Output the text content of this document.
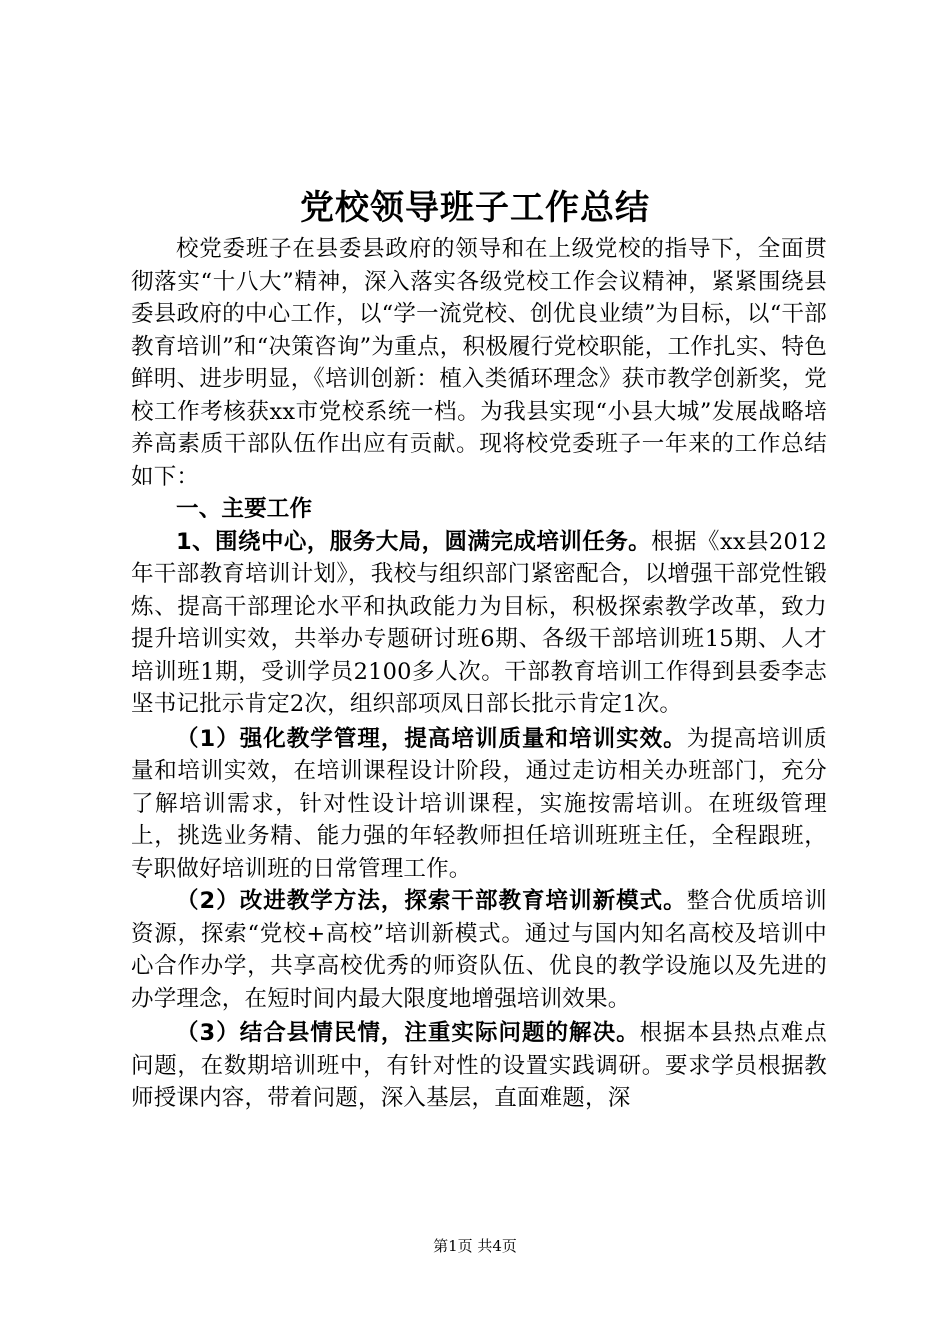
党校领导班子工作总结

校党委班子在县委县政府的领导和在上级党校的指导下，全面贯彻落实“十八大”精神，深入落实各级党校工作会议精神，紧紧围绕县委县政府的中心工作，以“学一流党校、创优良业绩”为目标，以“干部教育培训”和“决策咨询”为重点，积极履行党校职能，工作扎实、特色鲜明、进步明显，《培训创新：植入类循环理念》获市教学创新奖，党校工作考核获xx市党校系统一档。为我县实现“小县大城”发展战略培养高素质干部队伍作出应有贡献。现将校党委班子一年来的工作总结如下：

一、主要工作

1、围绕中心，服务大局，圆满完成培训任务。根据《xx县2012年干部教育培训计划》，我校与组织部门紧密配合，以增强干部党性锻炼、提高干部理论水平和执政能力为目标，积极探索教学改革，致力提升培训实效，共举办专题研讨班6期、各级干部培训班15期、人才培训班1期，受训学员2100多人次。干部教育培训工作得到县委李志坚书记批示肯定2次，组织部项凤日部长批示肯定1次。

（1）强化教学管理，提高培训质量和培训实效。为提高培训质量和培训实效，在培训课程设计阶段，通过走访相关办班部门，充分了解培训需求，针对性设计培训课程，实施按需培训。在班级管理上，挑选业务精、能力强的年轻教师担任培训班班主任，全程跟班，专职做好培训班的日常管理工作。

（2）改进教学方法，探索干部教育培训新模式。整合优质培训资源，探索“党校+高校”培训新模式。通过与国内知名高校及培训中心合作办学，共享高校优秀的师资队伍、优良的教学设施以及先进的办学理念，在短时间内最大限度地增强培训效果。

（3）结合县情民情，注重实际问题的解决。根据本县热点难点问题，在数期培训班中，有针对性的设置实践调研。要求学员根据教师授课内容，带着问题，深入基层，直面难题，深

第1页 共4页
